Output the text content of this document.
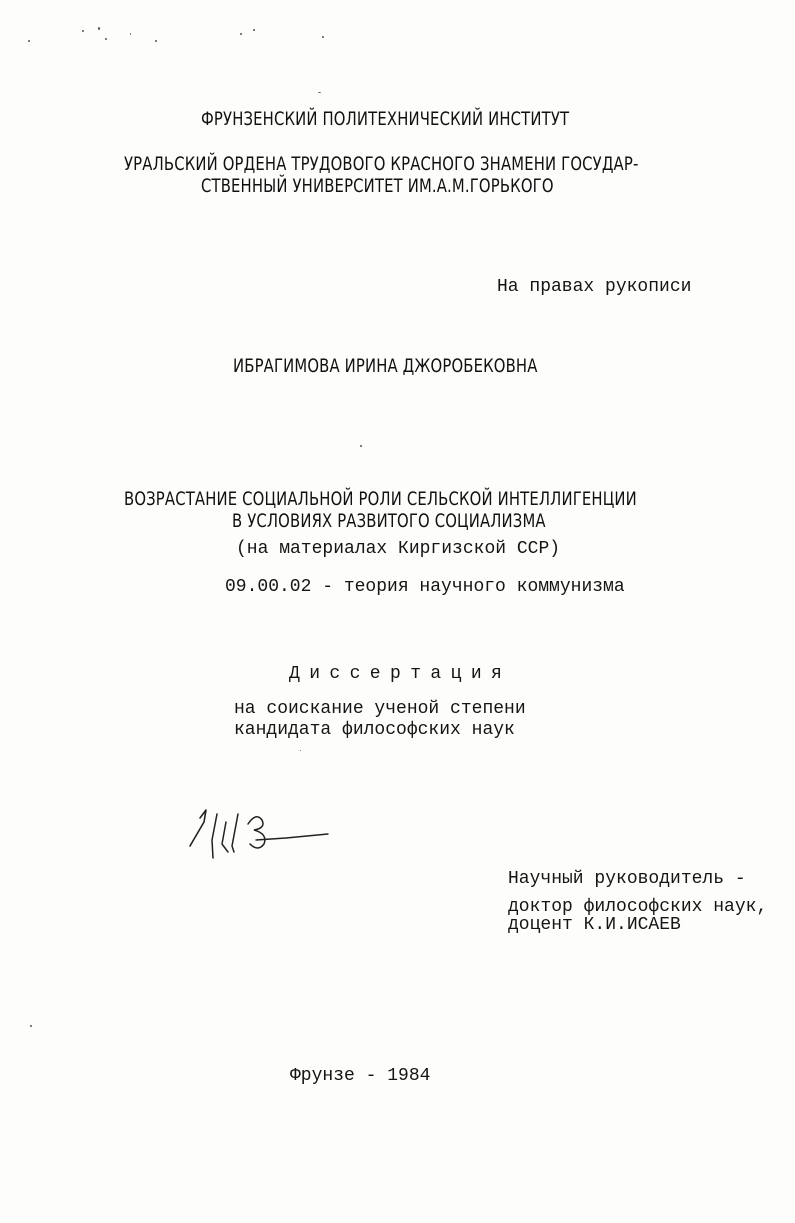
ФРУНЗЕНСКИЙ ПОЛИТЕХНИЧЕСКИЙ ИНСТИТУТ

УРАЛЬСКИЙ ОРДЕНА ТРУДОВОГО КРАСНОГО ЗНАМЕНИ ГОСУДАР-

СТВЕННЫЙ УНИВЕРСИТЕТ ИМ.А.М.ГОРЬКОГО

На правах рукописи

ИБРАГИМОВА ИРИНА ДЖОРОБЕКОВНА

ВОЗРАСТАНИЕ СОЦИАЛЬНОЙ РОЛИ СЕЛЬСКОЙ ИНТЕЛЛИГЕНЦИИ

В УСЛОВИЯХ РАЗВИТОГО СОЦИАЛИЗМА

(на материалах Киргизской ССР)

09.00.02 - теория научного коммунизма

Диссертация

на соискание ученой степени

кандидата философских наук

Научный руководитель -

доктор философских наук,

доцент К.И.ИСАЕВ

Фрунзе - 1984
